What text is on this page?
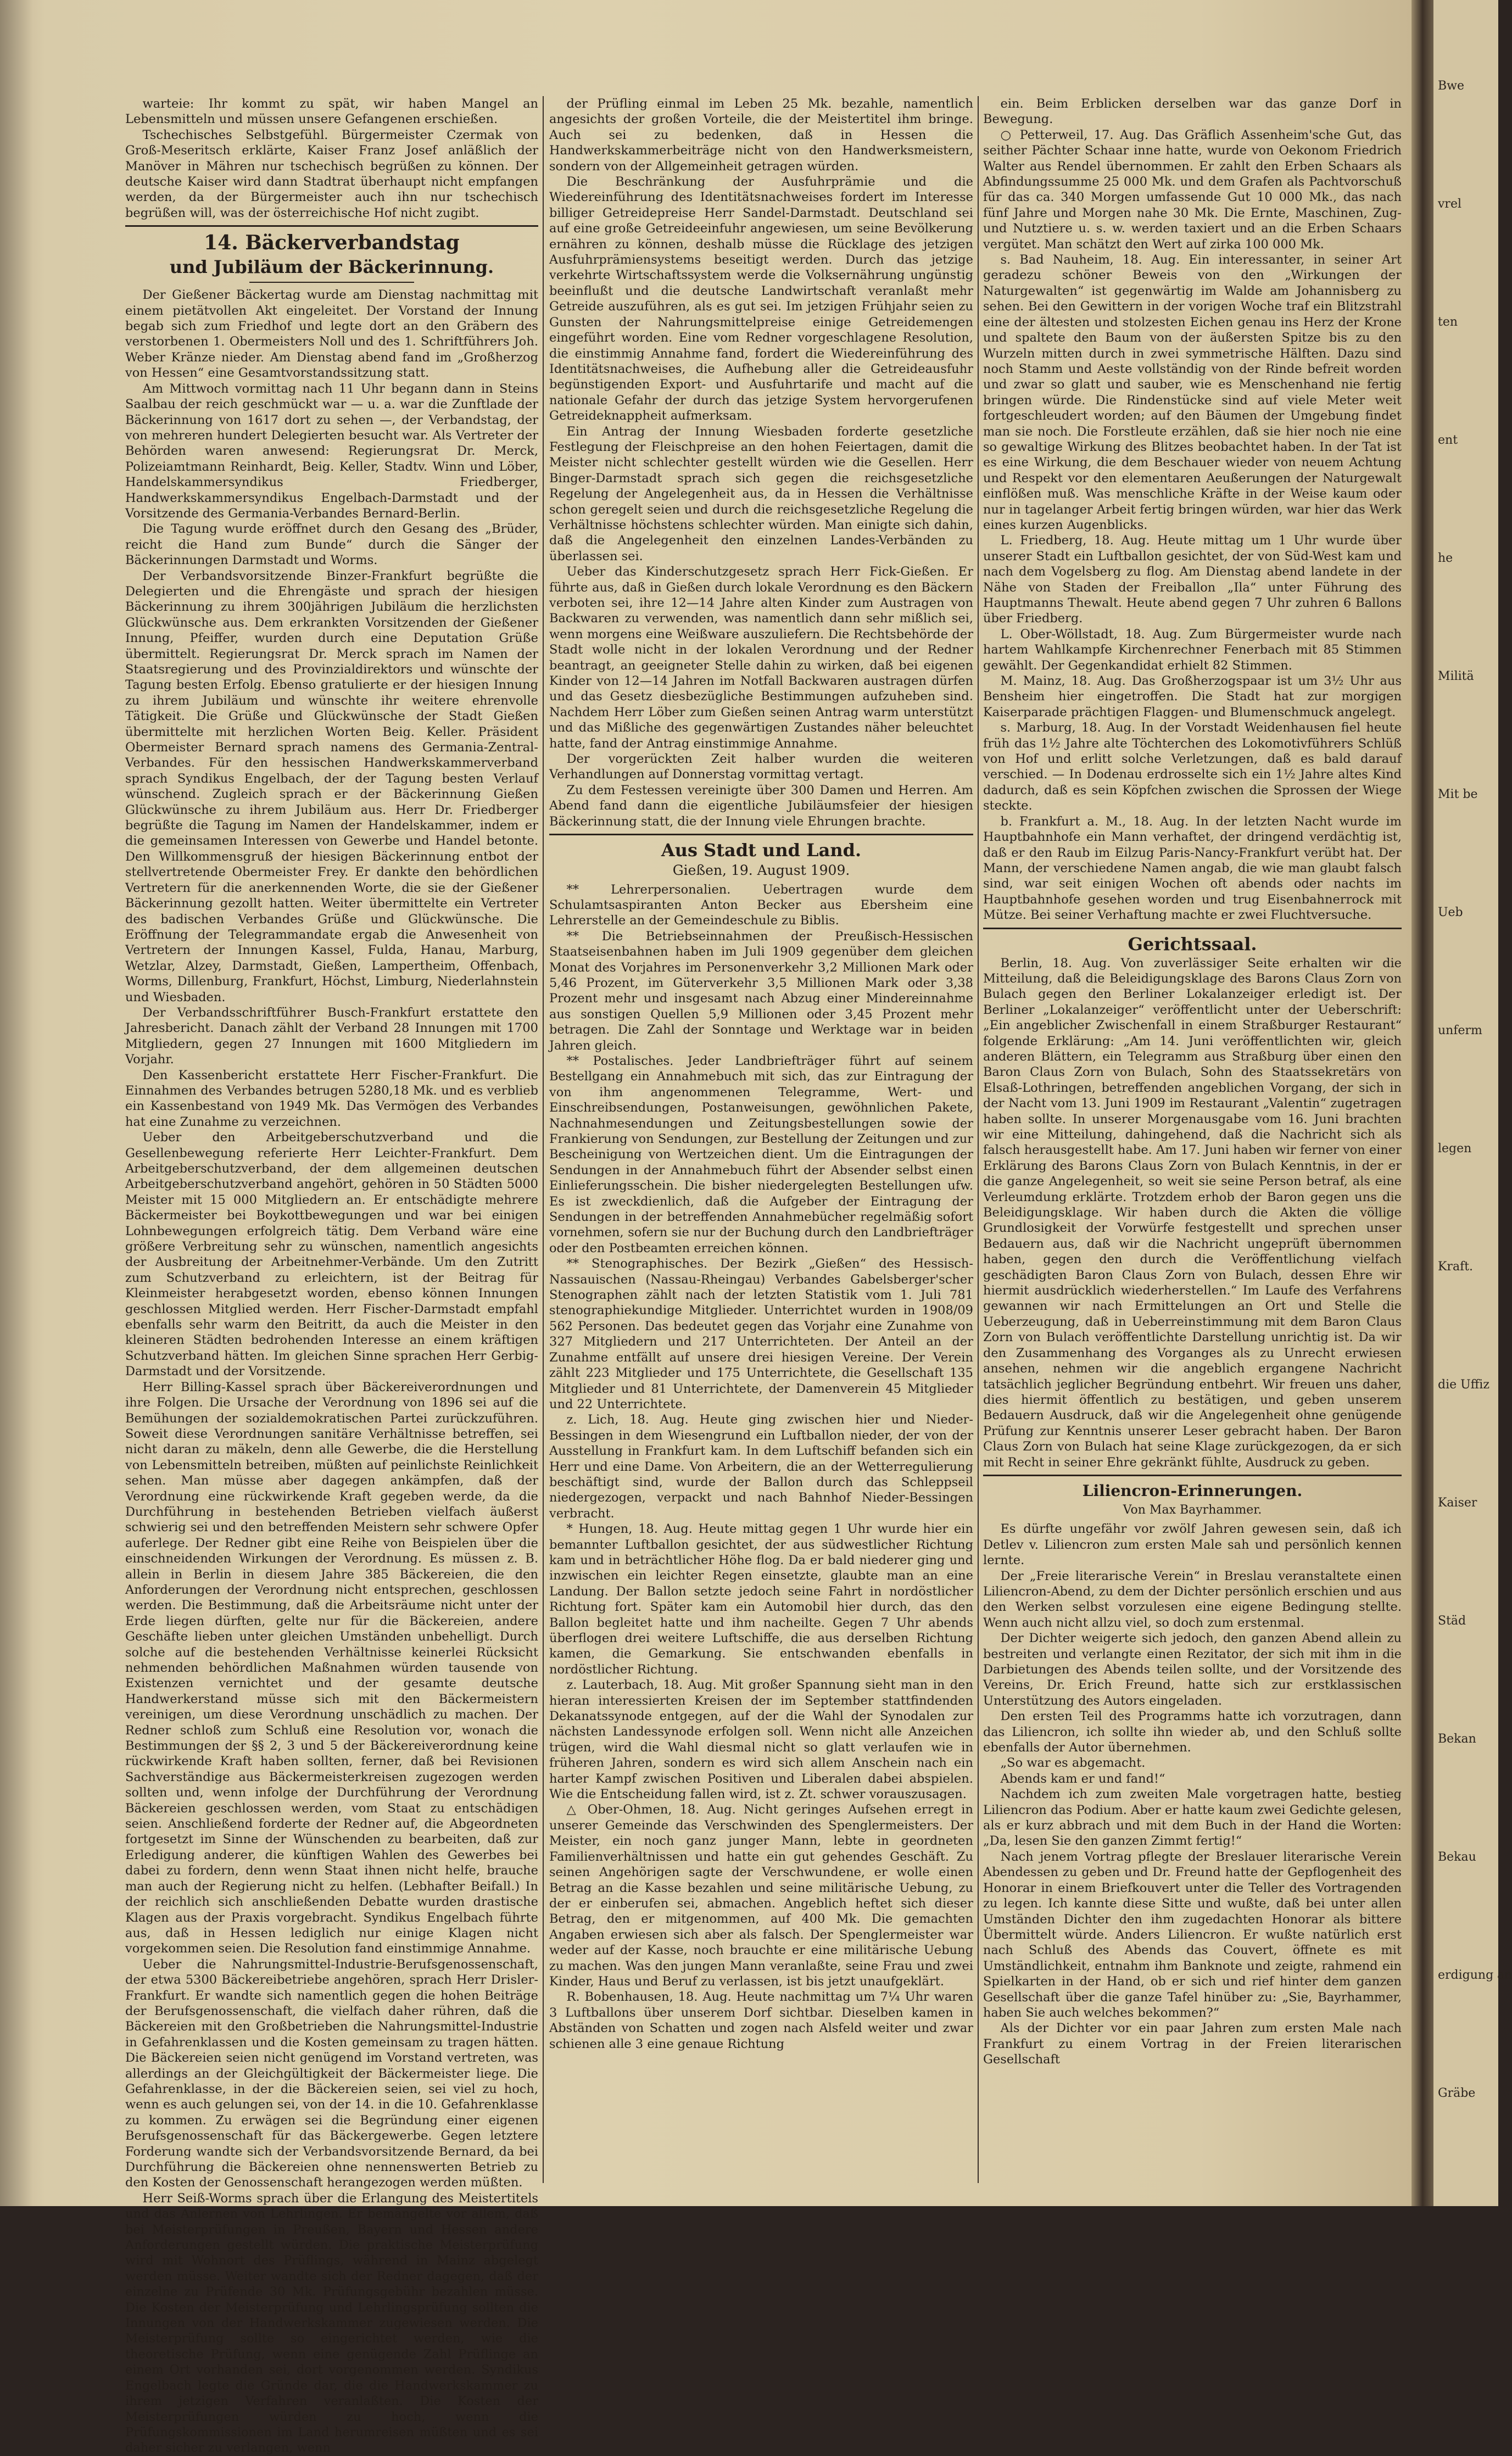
warteie: Ihr kommt zu spät, wir haben Mangel an Lebensmitteln und müssen unsere Gefangenen erschießen.

Tschechisches Selbstgefühl. Bürgermeister Czermak von Groß-Meseritsch erklärte, Kaiser Franz Josef anläßlich der Manöver in Mähren nur tschechisch begrüßen zu können. Der deutsche Kaiser wird dann Stadtrat überhaupt nicht empfangen werden, da der Bürgermeister auch ihn nur tschechisch begrüßen will, was der österreichische Hof nicht zugibt.

14. Bäckerverbandstag
und Jubiläum der Bäckerinnung.

Der Gießener Bäckertag wurde am Dienstag nachmittag mit einem pietätvollen Akt eingeleitet. Der Vorstand der Innung begab sich zum Friedhof und legte dort an den Gräbern des verstorbenen 1. Obermeisters Noll und des 1. Schriftführers Joh. Weber Kränze nieder. Am Dienstag abend fand im „Großherzog von Hessen“ eine Gesamtvorstandssitzung statt.

Am Mittwoch vormittag nach 11 Uhr begann dann in Steins Saalbau der reich geschmückt war — u. a. war die Zunftlade der Bäckerinnung von 1617 dort zu sehen —, der Verbandstag, der von mehreren hundert Delegierten besucht war. Als Vertreter der Behörden waren anwesend: Regierungsrat Dr. Merck, Polizeiamtmann Reinhardt, Beig. Keller, Stadtv. Winn und Löber, Handelskammersyndikus Friedberger, Handwerkskammersyndikus Engelbach-Darmstadt und der Vorsitzende des Germania-Verbandes Bernard-Berlin.

Die Tagung wurde eröffnet durch den Gesang des „Brüder, reicht die Hand zum Bunde“ durch die Sänger der Bäckerinnungen Darmstadt und Worms.

Der Verbandsvorsitzende Binzer-Frankfurt begrüßte die Delegierten und die Ehrengäste und sprach der hiesigen Bäckerinnung zu ihrem 300jährigen Jubiläum die herzlichsten Glückwünsche aus. Dem erkrankten Vorsitzenden der Gießener Innung, Pfeiffer, wurden durch eine Deputation Grüße übermittelt. Regierungsrat Dr. Merck sprach im Namen der Staatsregierung und des Provinzialdirektors und wünschte der Tagung besten Erfolg. Ebenso gratulierte er der hiesigen Innung zu ihrem Jubiläum und wünschte ihr weitere ehrenvolle Tätigkeit. Die Grüße und Glückwünsche der Stadt Gießen übermittelte mit herzlichen Worten Beig. Keller. Präsident Obermeister Bernard sprach namens des Germania-Zentral-Verbandes. Für den hessischen Handwerkskammerverband sprach Syndikus Engelbach, der der Tagung besten Verlauf wünschend. Zugleich sprach er der Bäckerinnung Gießen Glückwünsche zu ihrem Jubiläum aus. Herr Dr. Friedberger begrüßte die Tagung im Namen der Handelskammer, indem er die gemeinsamen Interessen von Gewerbe und Handel betonte. Den Willkommensgruß der hiesigen Bäckerinnung entbot der stellvertretende Obermeister Frey. Er dankte den behördlichen Vertretern für die anerkennenden Worte, die sie der Gießener Bäckerinnung gezollt hatten. Weiter übermittelte ein Vertreter des badischen Verbandes Grüße und Glückwünsche. Die Eröffnung der Telegrammandate ergab die Anwesenheit von Vertretern der Innungen Kassel, Fulda, Hanau, Marburg, Wetzlar, Alzey, Darmstadt, Gießen, Lampertheim, Offenbach, Worms, Dillenburg, Frankfurt, Höchst, Limburg, Niederlahnstein und Wiesbaden.

Der Verbandsschriftführer Busch-Frankfurt erstattete den Jahresbericht. Danach zählt der Verband 28 Innungen mit 1700 Mitgliedern, gegen 27 Innungen mit 1600 Mitgliedern im Vorjahr.

Den Kassenbericht erstattete Herr Fischer-Frankfurt. Die Einnahmen des Verbandes betrugen 5280,18 Mk. und es verblieb ein Kassenbestand von 1949 Mk. Das Vermögen des Verbandes hat eine Zunahme zu verzeichnen.

Ueber den Arbeitgeberschutzverband und die Gesellenbewegung referierte Herr Leichter-Frankfurt. Dem Arbeitgeberschutzverband, der dem allgemeinen deutschen Arbeitgeberschutzverband angehört, gehören in 50 Städten 5000 Meister mit 15 000 Mitgliedern an. Er entschädigte mehrere Bäckermeister bei Boykottbewegungen und war bei einigen Lohnbewegungen erfolgreich tätig. Dem Verband wäre eine größere Verbreitung sehr zu wünschen, namentlich angesichts der Ausbreitung der Arbeitnehmer-Verbände. Um den Zutritt zum Schutzverband zu erleichtern, ist der Beitrag für Kleinmeister herabgesetzt worden, ebenso können Innungen geschlossen Mitglied werden. Herr Fischer-Darmstadt empfahl ebenfalls sehr warm den Beitritt, da auch die Meister in den kleineren Städten bedrohenden Interesse an einem kräftigen Schutzverband hätten. Im gleichen Sinne sprachen Herr Gerbig-Darmstadt und der Vorsitzende.

Herr Billing-Kassel sprach über Bäckereiverordnungen und ihre Folgen. Die Ursache der Verordnung von 1896 sei auf die Bemühungen der sozialdemokratischen Partei zurückzuführen. Soweit diese Verordnungen sanitäre Verhältnisse betreffen, sei nicht daran zu mäkeln, denn alle Gewerbe, die die Herstellung von Lebensmitteln betreiben, müßten auf peinlichste Reinlichkeit sehen. Man müsse aber dagegen ankämpfen, daß der Verordnung eine rückwirkende Kraft gegeben werde, da die Durchführung in bestehenden Betrieben vielfach äußerst schwierig sei und den betreffenden Meistern sehr schwere Opfer auferlege. Der Redner gibt eine Reihe von Beispielen über die einschneidenden Wirkungen der Verordnung. Es müssen z. B. allein in Berlin in diesem Jahre 385 Bäckereien, die den Anforderungen der Verordnung nicht entsprechen, geschlossen werden. Die Bestimmung, daß die Arbeitsräume nicht unter der Erde liegen dürften, gelte nur für die Bäckereien, andere Geschäfte lieben unter gleichen Umständen unbehelligt. Durch solche auf die bestehenden Verhältnisse keinerlei Rücksicht nehmenden behördlichen Maßnahmen würden tausende von Existenzen vernichtet und der gesamte deutsche Handwerkerstand müsse sich mit den Bäckermeistern vereinigen, um diese Verordnung unschädlich zu machen. Der Redner schloß zum Schluß eine Resolution vor, wonach die Bestimmungen der §§ 2, 3 und 5 der Bäckereiverordnung keine rückwirkende Kraft haben sollten, ferner, daß bei Revisionen Sachverständige aus Bäckermeisterkreisen zugezogen werden sollten und, wenn infolge der Durchführung der Verordnung Bäckereien geschlossen werden, vom Staat zu entschädigen seien. Anschließend forderte der Redner auf, die Abgeordneten fortgesetzt im Sinne der Wünschenden zu bearbeiten, daß zur Erledigung anderer, die künftigen Wahlen des Gewerbes bei dabei zu fordern, denn wenn Staat ihnen nicht helfe, brauche man auch der Regierung nicht zu helfen. (Lebhafter Beifall.) In der reichlich sich anschließenden Debatte wurden drastische Klagen aus der Praxis vorgebracht. Syndikus Engelbach führte aus, daß in Hessen lediglich nur einige Klagen nicht vorgekommen seien. Die Resolution fand einstimmige Annahme.

Ueber die Nahrungsmittel-Industrie-Berufsgenossenschaft, der etwa 5300 Bäckereibetriebe angehören, sprach Herr Drisler-Frankfurt. Er wandte sich namentlich gegen die hohen Beiträge der Berufsgenossenschaft, die vielfach daher rühren, daß die Bäckereien mit den Großbetrieben die Nahrungsmittel-Industrie in Gefahrenklassen und die Kosten gemeinsam zu tragen hätten. Die Bäckereien seien nicht genügend im Vorstand vertreten, was allerdings an der Gleichgültigkeit der Bäckermeister liege. Die Gefahrenklasse, in der die Bäckereien seien, sei viel zu hoch, wenn es auch gelungen sei, von der 14. in die 10. Gefahrenklasse zu kommen. Zu erwägen sei die Begründung einer eigenen Berufsgenossenschaft für das Bäckergewerbe. Gegen letztere Forderung wandte sich der Verbandsvorsitzende Bernard, da bei Durchführung die Bäckereien ohne nennenswerten Betrieb zu den Kosten der Genossenschaft herangezogen werden müßten.

Herr Seiß-Worms sprach über die Erlangung des Meistertitels und das Anlernen von Lehrlingen. Er bemängelte vor allem, daß bei Meisterprüfungen in Preußen, Bayern und Hessen andere Anforderungen gestellt würden. Die praktische Meisterprüfung wird mit Wohnort des Prüflings, während in Mainz abgelegt werden müsse. Weiter wandte sich der Redner dagegen, daß der einzelne zu Prüfende 30 Mk. Prüfungsgebühr bezahlen müsse. Die Kosten der Meisterprüfung und Lehrlingsprüfung sollten die Innungen von der Handwerkskammer zugewiesen werden. Die Meisterprüfung sollte so eingerichtet werden, wie die theoretische Prüfung, wenn eine genügende Zahl Prüflinge an einem Ort vorhanden sei, dort vorgenommen werden. Syndikus Engelbach legte die Gründe dar, die die Handwerkskammer zu ihrem jetzigen Verfahren veranlaßten. Die Kosten der Meisterprüfungen würden zu hoch, wenn die Prüfungskommissionen im Land herumreisen müßten und es sei daher sicher zu verlangen, wenn

der Prüfling einmal im Leben 25 Mk. bezahle, namentlich angesichts der großen Vorteile, die der Meistertitel ihm bringe. Auch sei zu bedenken, daß in Hessen die Handwerkskammerbeiträge nicht von den Handwerksmeistern, sondern von der Allgemeinheit getragen würden.

Die Beschränkung der Ausfuhrprämie und die Wiedereinführung des Identitätsnachweises fordert im Interesse billiger Getreidepreise Herr Sandel-Darmstadt. Deutschland sei auf eine große Getreideeinfuhr angewiesen, um seine Bevölkerung ernähren zu können, deshalb müsse die Rücklage des jetzigen Ausfuhrprämiensystems beseitigt werden. Durch das jetzige verkehrte Wirtschaftssystem werde die Volksernährung ungünstig beeinflußt und die deutsche Landwirtschaft veranlaßt mehr Getreide auszuführen, als es gut sei. Im jetzigen Frühjahr seien zu Gunsten der Nahrungsmittelpreise einige Getreidemengen eingeführt worden. Eine vom Redner vorgeschlagene Resolution, die einstimmig Annahme fand, fordert die Wiedereinführung des Identitätsnachweises, die Aufhebung aller die Getreideausfuhr begünstigenden Export- und Ausfuhrtarife und macht auf die nationale Gefahr der durch das jetzige System hervorgerufenen Getreideknappheit aufmerksam.

Ein Antrag der Innung Wiesbaden forderte gesetzliche Festlegung der Fleischpreise an den hohen Feiertagen, damit die Meister nicht schlechter gestellt würden wie die Gesellen. Herr Binger-Darmstadt sprach sich gegen die reichsgesetzliche Regelung der Angelegenheit aus, da in Hessen die Verhältnisse schon geregelt seien und durch die reichsgesetzliche Regelung die Verhältnisse höchstens schlechter würden. Man einigte sich dahin, daß die Angelegenheit den einzelnen Landes-Verbänden zu überlassen sei.

Ueber das Kinderschutzgesetz sprach Herr Fick-Gießen. Er führte aus, daß in Gießen durch lokale Verordnung es den Bäckern verboten sei, ihre 12—14 Jahre alten Kinder zum Austragen von Backwaren zu verwenden, was namentlich dann sehr mißlich sei, wenn morgens eine Weißware auszuliefern. Die Rechtsbehörde der Stadt wolle nicht in der lokalen Verordnung und der Redner beantragt, an geeigneter Stelle dahin zu wirken, daß bei eigenen Kinder von 12—14 Jahren im Notfall Backwaren austragen dürfen und das Gesetz diesbezügliche Bestimmungen aufzuheben sind. Nachdem Herr Löber zum Gießen seinen Antrag warm unterstützt und das Mißliche des gegenwärtigen Zustandes näher beleuchtet hatte, fand der Antrag einstimmige Annahme.

Der vorgerückten Zeit halber wurden die weiteren Verhandlungen auf Donnerstag vormittag vertagt.

Zu dem Festessen vereinigte über 300 Damen und Herren. Am Abend fand dann die eigentliche Jubiläumsfeier der hiesigen Bäckerinnung statt, die der Innung viele Ehrungen brachte.

Aus Stadt und Land.
Gießen, 19. August 1909.

** Lehrerpersonalien. Uebertragen wurde dem Schulamtsaspiranten Anton Becker aus Ebersheim eine Lehrerstelle an der Gemeindeschule zu Biblis.

** Die Betriebseinnahmen der Preußisch-Hessischen Staatseisenbahnen haben im Juli 1909 gegenüber dem gleichen Monat des Vorjahres im Personenverkehr 3,2 Millionen Mark oder 5,46 Prozent, im Güterverkehr 3,5 Millionen Mark oder 3,38 Prozent mehr und insgesamt nach Abzug einer Mindereinnahme aus sonstigen Quellen 5,9 Millionen oder 3,45 Prozent mehr betragen. Die Zahl der Sonntage und Werktage war in beiden Jahren gleich.

** Postalisches. Jeder Landbriefträger führt auf seinem Bestellgang ein Annahmebuch mit sich, das zur Eintragung der von ihm angenommenen Telegramme, Wert- und Einschreibsendungen, Postanweisungen, gewöhnlichen Pakete, Nachnahmesendungen und Zeitungsbestellungen sowie der Frankierung von Sendungen, zur Bestellung der Zeitungen und zur Bescheinigung von Wertzeichen dient. Um die Eintragungen der Sendungen in der Annahmebuch führt der Absender selbst einen Einlieferungsschein. Die bisher niedergelegten Bestellungen ufw. Es ist zweckdienlich, daß die Aufgeber der Eintragung der Sendungen in der betreffenden Annahmebücher regelmäßig sofort vornehmen, sofern sie nur der Buchung durch den Landbriefträger oder den Postbeamten erreichen können.

** Stenographisches. Der Bezirk „Gießen“ des Hessisch-Nassauischen (Nassau-Rheingau) Verbandes Gabelsberger'scher Stenographen zählt nach der letzten Statistik vom 1. Juli 781 stenographiekundige Mitglieder. Unterrichtet wurden in 1908/09 562 Personen. Das bedeutet gegen das Vorjahr eine Zunahme von 327 Mitgliedern und 217 Unterrichteten. Der Anteil an der Zunahme entfällt auf unsere drei hiesigen Vereine. Der Verein zählt 223 Mitglieder und 175 Unterrichtete, die Gesellschaft 135 Mitglieder und 81 Unterrichtete, der Damenverein 45 Mitglieder und 22 Unterrichtete.

z. Lich, 18. Aug. Heute ging zwischen hier und Nieder-Bessingen in dem Wiesengrund ein Luftballon nieder, der von der Ausstellung in Frankfurt kam. In dem Luftschiff befanden sich ein Herr und eine Dame. Von Arbeitern, die an der Wetterregulierung beschäftigt sind, wurde der Ballon durch das Schleppseil niedergezogen, verpackt und nach Bahnhof Nieder-Bessingen verbracht.

* Hungen, 18. Aug. Heute mittag gegen 1 Uhr wurde hier ein bemannter Luftballon gesichtet, der aus südwestlicher Richtung kam und in beträchtlicher Höhe flog. Da er bald niederer ging und inzwischen ein leichter Regen einsetzte, glaubte man an eine Landung. Der Ballon setzte jedoch seine Fahrt in nordöstlicher Richtung fort. Später kam ein Automobil hier durch, das den Ballon begleitet hatte und ihm nacheilte. Gegen 7 Uhr abends überflogen drei weitere Luftschiffe, die aus derselben Richtung kamen, die Gemarkung. Sie entschwanden ebenfalls in nordöstlicher Richtung.

z. Lauterbach, 18. Aug. Mit großer Spannung sieht man in den hieran interessierten Kreisen der im September stattfindenden Dekanatssynode entgegen, auf der die Wahl der Synodalen zur nächsten Landessynode erfolgen soll. Wenn nicht alle Anzeichen trügen, wird die Wahl diesmal nicht so glatt verlaufen wie in früheren Jahren, sondern es wird sich allem Anschein nach ein harter Kampf zwischen Positiven und Liberalen dabei abspielen. Wie die Entscheidung fallen wird, ist z. Zt. schwer vorauszusagen.

△ Ober-Ohmen, 18. Aug. Nicht geringes Aufsehen erregt in unserer Gemeinde das Verschwinden des Spenglermeisters. Der Meister, ein noch ganz junger Mann, lebte in geordneten Familienverhältnissen und hatte ein gut gehendes Geschäft. Zu seinen Angehörigen sagte der Verschwundene, er wolle einen Betrag an die Kasse bezahlen und seine militärische Uebung, zu der er einberufen sei, abmachen. Angeblich heftet sich dieser Betrag, den er mitgenommen, auf 400 Mk. Die gemachten Angaben erwiesen sich aber als falsch. Der Spenglermeister war weder auf der Kasse, noch brauchte er eine militärische Uebung zu machen. Was den jungen Mann veranlaßte, seine Frau und zwei Kinder, Haus und Beruf zu verlassen, ist bis jetzt unaufgeklärt.

R. Bobenhausen, 18. Aug. Heute nachmittag um 7¼ Uhr waren 3 Luftballons über unserem Dorf sichtbar. Dieselben kamen in Abständen von Schatten und zogen nach Alsfeld weiter und zwar schienen alle 3 eine genaue Richtung

ein. Beim Erblicken derselben war das ganze Dorf in Bewegung.

○ Petterweil, 17. Aug. Das Gräflich Assenheim'sche Gut, das seither Pächter Schaar inne hatte, wurde von Oekonom Friedrich Walter aus Rendel übernommen. Er zahlt den Erben Schaars als Abfindungssumme 25 000 Mk. und dem Grafen als Pachtvorschuß für das ca. 340 Morgen umfassende Gut 10 000 Mk., das nach fünf Jahre und Morgen nahe 30 Mk. Die Ernte, Maschinen, Zug- und Nutztiere u. s. w. werden taxiert und an die Erben Schaars vergütet. Man schätzt den Wert auf zirka 100 000 Mk.

s. Bad Nauheim, 18. Aug. Ein interessanter, in seiner Art geradezu schöner Beweis von den „Wirkungen der Naturgewalten“ ist gegenwärtig im Walde am Johannisberg zu sehen. Bei den Gewittern in der vorigen Woche traf ein Blitzstrahl eine der ältesten und stolzesten Eichen genau ins Herz der Krone und spaltete den Baum von der äußersten Spitze bis zu den Wurzeln mitten durch in zwei symmetrische Hälften. Dazu sind noch Stamm und Aeste vollständig von der Rinde befreit worden und zwar so glatt und sauber, wie es Menschenhand nie fertig bringen würde. Die Rindenstücke sind auf viele Meter weit fortgeschleudert worden; auf den Bäumen der Umgebung findet man sie noch. Die Forstleute erzählen, daß sie hier noch nie eine so gewaltige Wirkung des Blitzes beobachtet haben. In der Tat ist es eine Wirkung, die dem Beschauer wieder von neuem Achtung und Respekt vor den elementaren Aeußerungen der Naturgewalt einflößen muß. Was menschliche Kräfte in der Weise kaum oder nur in tagelanger Arbeit fertig bringen würden, war hier das Werk eines kurzen Augenblicks.

L. Friedberg, 18. Aug. Heute mittag um 1 Uhr wurde über unserer Stadt ein Luftballon gesichtet, der von Süd-West kam und nach dem Vogelsberg zu flog. Am Dienstag abend landete in der Nähe von Staden der Freiballon „Ila“ unter Führung des Hauptmanns Thewalt. Heute abend gegen 7 Uhr zuhren 6 Ballons über Friedberg.

L. Ober-Wöllstadt, 18. Aug. Zum Bürgermeister wurde nach hartem Wahlkampfe Kirchenrechner Fenerbach mit 85 Stimmen gewählt. Der Gegenkandidat erhielt 82 Stimmen.

M. Mainz, 18. Aug. Das Großherzogspaar ist um 3½ Uhr aus Bensheim hier eingetroffen. Die Stadt hat zur morgigen Kaiserparade prächtigen Flaggen- und Blumenschmuck angelegt.

s. Marburg, 18. Aug. In der Vorstadt Weidenhausen fiel heute früh das 1½ Jahre alte Töchterchen des Lokomotivführers Schlüß von Hof und erlitt solche Verletzungen, daß es bald darauf verschied. — In Dodenau erdrosselte sich ein 1½ Jahre altes Kind dadurch, daß es sein Köpfchen zwischen die Sprossen der Wiege steckte.

b. Frankfurt a. M., 18. Aug. In der letzten Nacht wurde im Hauptbahnhofe ein Mann verhaftet, der dringend verdächtig ist, daß er den Raub im Eilzug Paris-Nancy-Frankfurt verübt hat. Der Mann, der verschiedene Namen angab, die wie man glaubt falsch sind, war seit einigen Wochen oft abends oder nachts im Hauptbahnhofe gesehen worden und trug Eisenbahnerrock mit Mütze. Bei seiner Verhaftung machte er zwei Fluchtversuche.

Gerichtssaal.

Berlin, 18. Aug. Von zuverlässiger Seite erhalten wir die Mitteilung, daß die Beleidigungsklage des Barons Claus Zorn von Bulach gegen den Berliner Lokalanzeiger erledigt ist. Der Berliner „Lokalanzeiger“ veröffentlicht unter der Ueberschrift: „Ein angeblicher Zwischenfall in einem Straßburger Restaurant“ folgende Erklärung: „Am 14. Juni veröffentlichten wir, gleich anderen Blättern, ein Telegramm aus Straßburg über einen den Baron Claus Zorn von Bulach, Sohn des Staatssekretärs von Elsaß-Lothringen, betreffenden angeblichen Vorgang, der sich in der Nacht vom 13. Juni 1909 im Restaurant „Valentin“ zugetragen haben sollte. In unserer Morgenausgabe vom 16. Juni brachten wir eine Mitteilung, dahingehend, daß die Nachricht sich als falsch herausgestellt habe. Am 17. Juni haben wir ferner von einer Erklärung des Barons Claus Zorn von Bulach Kenntnis, in der er die ganze Angelegenheit, so weit sie seine Person betraf, als eine Verleumdung erklärte. Trotzdem erhob der Baron gegen uns die Beleidigungsklage. Wir haben durch die Akten die völlige Grundlosigkeit der Vorwürfe festgestellt und sprechen unser Bedauern aus, daß wir die Nachricht ungeprüft übernommen haben, gegen den durch die Veröffentlichung vielfach geschädigten Baron Claus Zorn von Bulach, dessen Ehre wir hiermit ausdrücklich wiederherstellen.“ Im Laufe des Verfahrens gewannen wir nach Ermittelungen an Ort und Stelle die Ueberzeugung, daß in Ueberreinstimmung mit dem Baron Claus Zorn von Bulach veröffentlichte Darstellung unrichtig ist. Da wir den Zusammenhang des Vorganges als zu Unrecht erwiesen ansehen, nehmen wir die angeblich ergangene Nachricht tatsächlich jeglicher Begründung entbehrt. Wir freuen uns daher, dies hiermit öffentlich zu bestätigen, und geben unserem Bedauern Ausdruck, daß wir die Angelegenheit ohne genügende Prüfung zur Kenntnis unserer Leser gebracht haben. Der Baron Claus Zorn von Bulach hat seine Klage zurückgezogen, da er sich mit Recht in seiner Ehre gekränkt fühlte, Ausdruck zu geben.

Liliencron-Erinnerungen.
Von Max Bayrhammer.

Es dürfte ungefähr vor zwölf Jahren gewesen sein, daß ich Detlev v. Liliencron zum ersten Male sah und persönlich kennen lernte.

Der „Freie literarische Verein“ in Breslau veranstaltete einen Liliencron-Abend, zu dem der Dichter persönlich erschien und aus den Werken selbst vorzulesen eine eigene Bedingung stellte. Wenn auch nicht allzu viel, so doch zum erstenmal.

Der Dichter weigerte sich jedoch, den ganzen Abend allein zu bestreiten und verlangte einen Rezitator, der sich mit ihm in die Darbietungen des Abends teilen sollte, und der Vorsitzende des Vereins, Dr. Erich Freund, hatte sich zur erstklassischen Unterstützung des Autors eingeladen.

Den ersten Teil des Programms hatte ich vorzutragen, dann das Liliencron, ich sollte ihn wieder ab, und den Schluß sollte ebenfalls der Autor übernehmen.

„So war es abgemacht.

Abends kam er und fand!“

Nachdem ich zum zweiten Male vorgetragen hatte, bestieg Liliencron das Podium. Aber er hatte kaum zwei Gedichte gelesen, als er kurz abbrach und mit dem Buch in der Hand die Worten: „Da, lesen Sie den ganzen Zimmt fertig!“

Nach jenem Vortrag pflegte der Breslauer literarische Verein Abendessen zu geben und Dr. Freund hatte der Gepflogenheit des Honorar in einem Briefkouvert unter die Teller des Vortragenden zu legen. Ich kannte diese Sitte und wußte, daß bei unter allen Umständen Dichter den ihm zugedachten Honorar als bittere Übermittelt würde. Anders Liliencron. Er wußte natürlich erst nach Schluß des Abends das Couvert, öffnete es mit Umständlichkeit, entnahm ihm Banknote und zeigte, rahmend ein Spielkarten in der Hand, ob er sich und rief hinter dem ganzen Gesellschaft über die ganze Tafel hinüber zu: „Sie, Bayrhammer, haben Sie auch welches bekommen?“

Als der Dichter vor ein paar Jahren zum ersten Male nach Frankfurt zu einem Vortrag in der Freien literarischen Gesellschaft

Bwe
vrel
ten
ent
he
Militä
Mit be
Ueb
unferm
legen
Kraft.
die Uffiz
Kaiser
Städ
Bekan
Bekau
erdigung an
Gräbe
